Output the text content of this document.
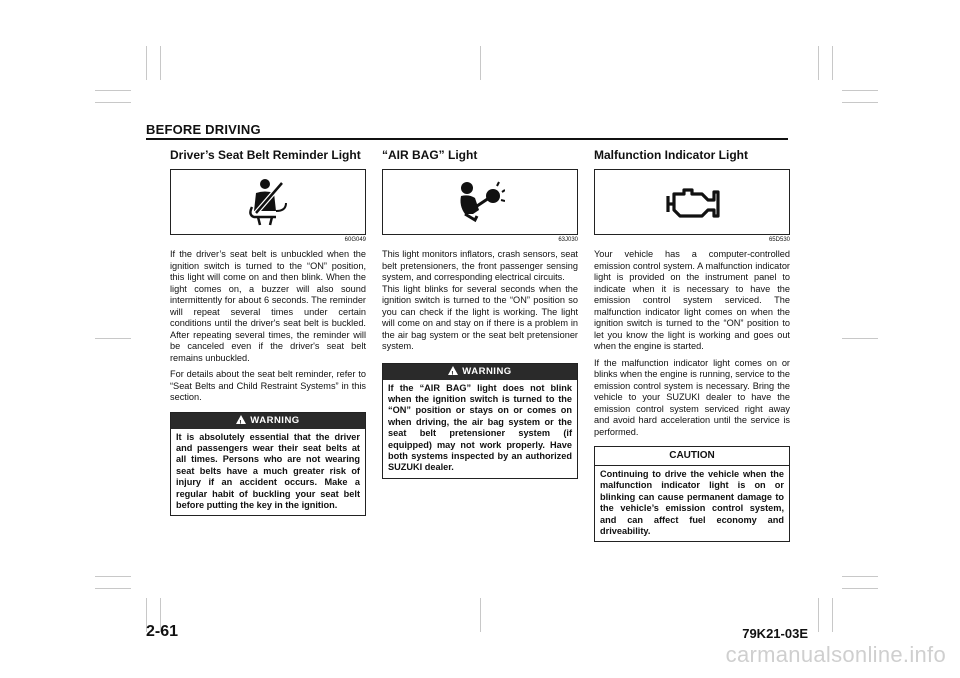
BEFORE DRIVING
Driver’s Seat Belt Reminder Light
60G049

If the driver’s seat belt is unbuckled when the ignition switch is turned to the “ON” position, this light will come on and then blink. When the light comes on, a buzzer will also sound intermittently for about 6 seconds. The reminder will repeat several times under certain conditions until the driver's seat belt is buckled. After repeating several times, the reminder will be canceled even if the driver's seat belt remains unbuckled.

For details about the seat belt reminder, refer to “Seat Belts and Child Restraint Systems” in this section.

!WARNING
It is absolutely essential that the driver and passengers wear their seat belts at all times. Persons who are not wearing seat belts have a much greater risk of injury if an accident occurs. Make a regular habit of buckling your seat belt before putting the key in the ignition.
“AIR BAG” Light
63J030

This light monitors inflators, crash sensors, seat belt pretensioners, the front passenger sensing system, and corresponding electrical circuits.

This light blinks for several seconds when the ignition switch is turned to the “ON” position so you can check if the light is working. The light will come on and stay on if there is a problem in the air bag system or the seat belt pretensioner system.

!WARNING
If the “AIR BAG” light does not blink when the ignition switch is turned to the “ON” position or stays on or comes on when driving, the air bag system or the seat belt pretensioner system (if equipped) may not work properly. Have both systems inspected by an authorized SUZUKI dealer.
Malfunction Indicator Light
65D530

Your vehicle has a computer-controlled emission control system. A malfunction indicator light is provided on the instrument panel to indicate when it is necessary to have the emission control system serviced. The malfunction indicator light comes on when the ignition switch is turned to the “ON” position to let you know the light is working and goes out when the engine is started.

If the malfunction indicator light comes on or blinks when the engine is running, service to the emission control system is necessary. Bring the vehicle to your SUZUKI dealer to have the emission control system serviced right away and avoid hard acceleration until the service is performed.

CAUTION
Continuing to drive the vehicle when the malfunction indicator light is on or blinking can cause permanent damage to the vehicle’s emission control system, and can affect fuel economy and driveability.
2-61	79K21-03E
carmanualsonline.info
